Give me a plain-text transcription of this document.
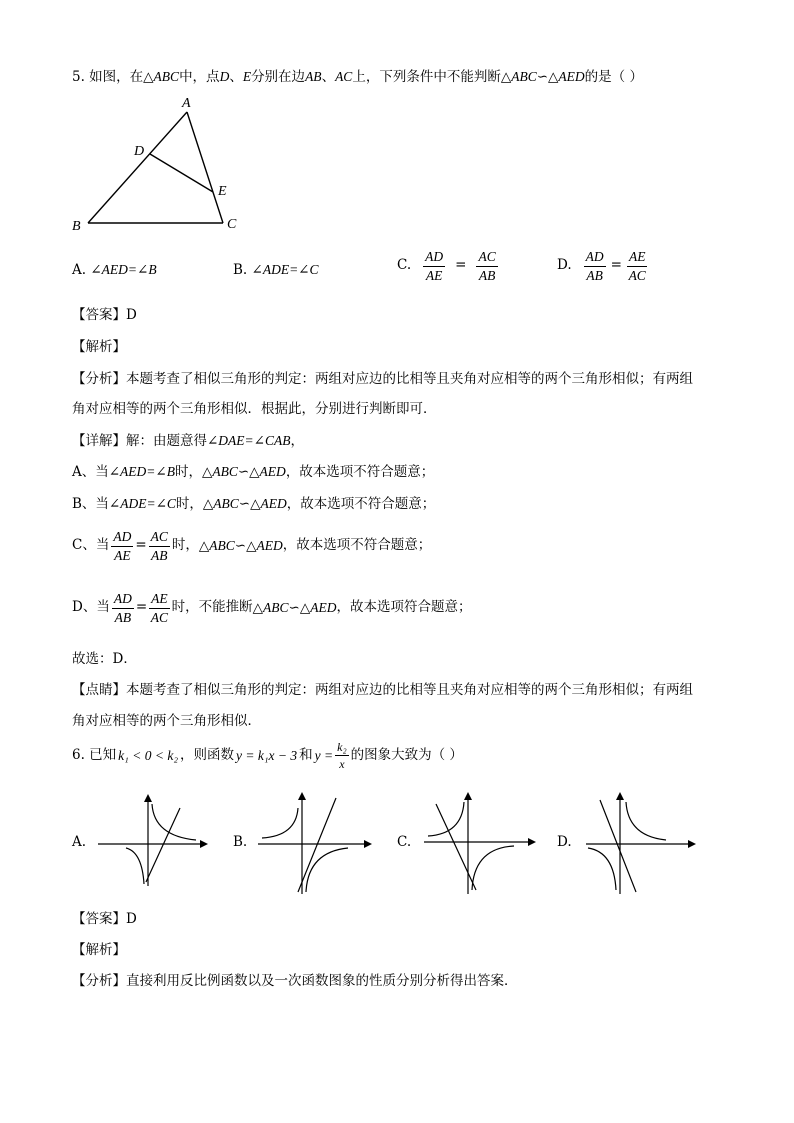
5. 如图，在△ABC中，点D、E分别在边AB、AC上，下列条件中不能判断△ABC∽△AED的是（ ）
A
D
E
B	C
A. ∠AED=∠B	B. ∠ADE=∠C	C. $\frac{AD}{AE} = \frac{AC}{AB}$	D. $\frac{AD}{AB} = \frac{AE}{AC}$
【答案】D
【解析】
【分析】本题考查了相似三角形的判定：两组对应边的比相等且夹角对应相等的两个三角形相似；有两组
角对应相等的两个三角形相似．根据此，分别进行判断即可．
【详解】解：由题意得∠DAE=∠CAB，
A、当∠AED=∠B时，△ABC∽△AED，故本选项不符合题意；
B、当∠ADE=∠C时，△ABC∽△AED，故本选项不符合题意；
C、当 $\frac{AD}{AE} = \frac{AC}{AB}$ 时， △ABC∽△AED ，故本选项不符合题意；
D、当 $\frac{AD}{AB} = \frac{AE}{AC}$ 时，不能推断 △ABC∽△AED ，故本选项符合题意；
故选：D．
【点睛】本题考查了相似三角形的判定：两组对应边的比相等且夹角对应相等的两个三角形相似；有两组
角对应相等的两个三角形相似．
6. 已知 k₁ < 0 < k₂ ，则函数 y = k₁x − 3 和 $y = \frac{\text{k₂}}{x}$ 的图象大致为（ ）
A.	B.	C.	D.
【答案】D
【解析】
【分析】直接利用反比例函数以及一次函数图象的性质分别分析得出答案．
